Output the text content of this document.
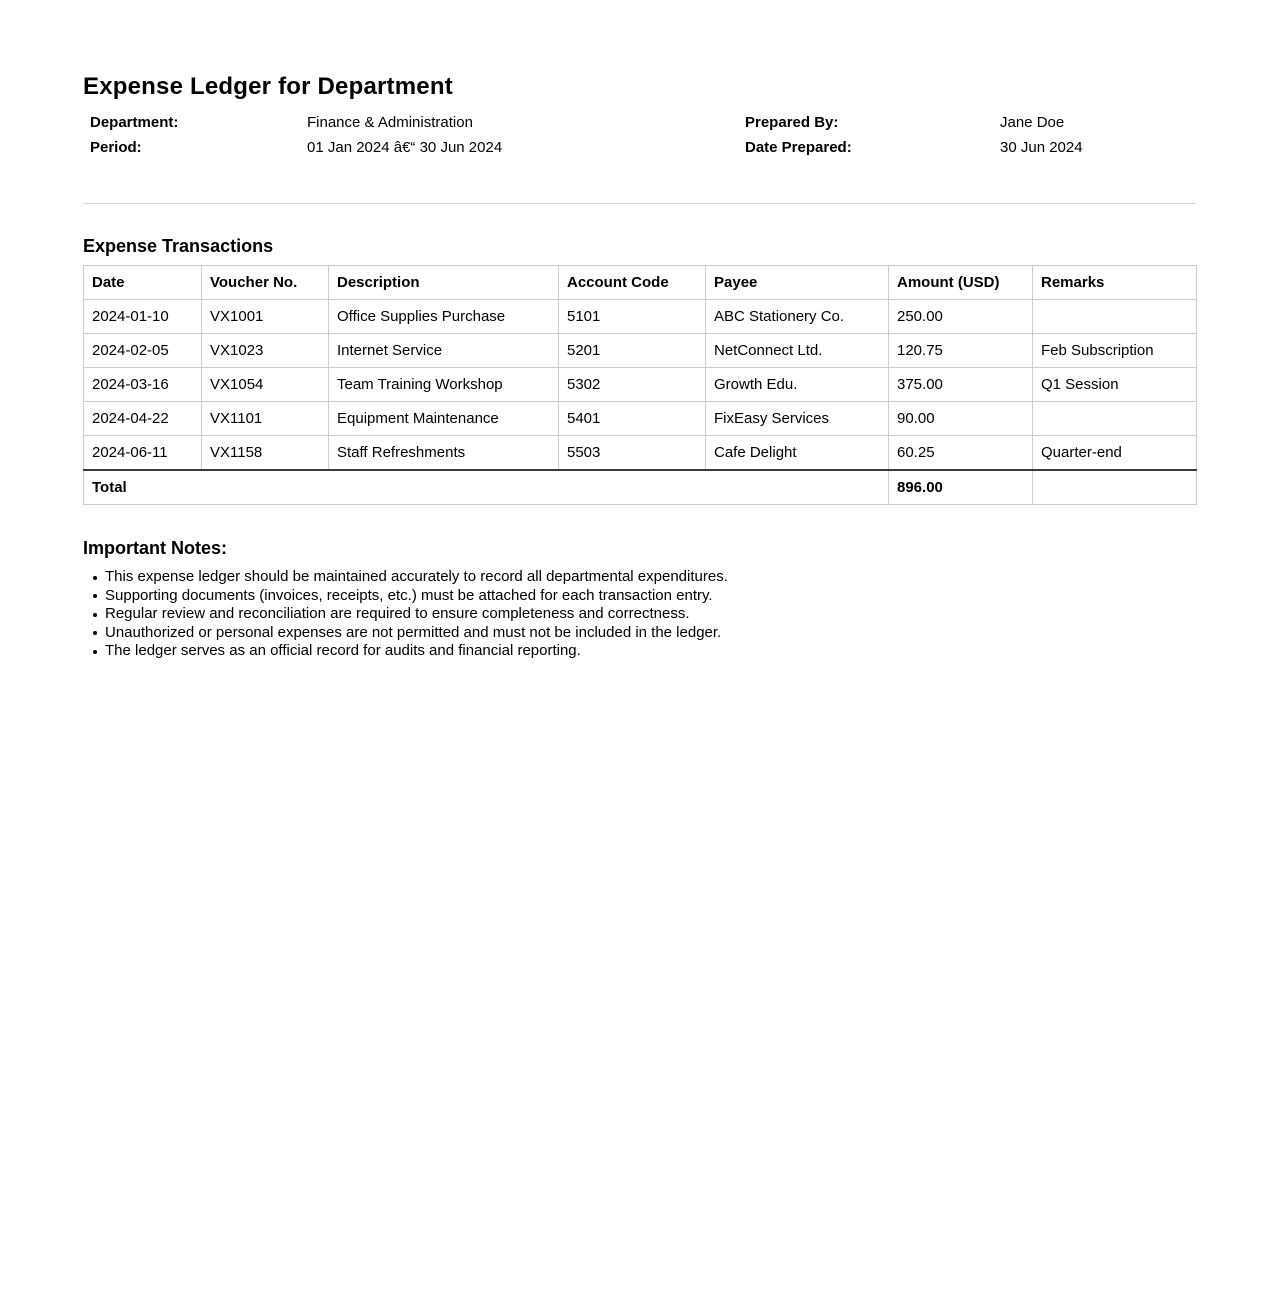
Expense Ledger for Department
Department:	Finance & Administration	Prepared By:	Jane Doe
Period:	01 Jan 2024 â€“ 30 Jun 2024	Date Prepared:	30 Jun 2024
Expense Transactions
Date	Voucher No.	Description	Account Code	Payee	Amount (USD)	Remarks
2024-01-10	VX1001	Office Supplies Purchase	5101	ABC Stationery Co.	250.00	
2024-02-05	VX1023	Internet Service	5201	NetConnect Ltd.	120.75	Feb Subscription
2024-03-16	VX1054	Team Training Workshop	5302	Growth Edu.	375.00	Q1 Session
2024-04-22	VX1101	Equipment Maintenance	5401	FixEasy Services	90.00	
2024-06-11	VX1158	Staff Refreshments	5503	Cafe Delight	60.25	Quarter-end
Total					896.00	
Important Notes:
This expense ledger should be maintained accurately to record all departmental expenditures.
Supporting documents (invoices, receipts, etc.) must be attached for each transaction entry.
Regular review and reconciliation are required to ensure completeness and correctness.
Unauthorized or personal expenses are not permitted and must not be included in the ledger.
The ledger serves as an official record for audits and financial reporting.
